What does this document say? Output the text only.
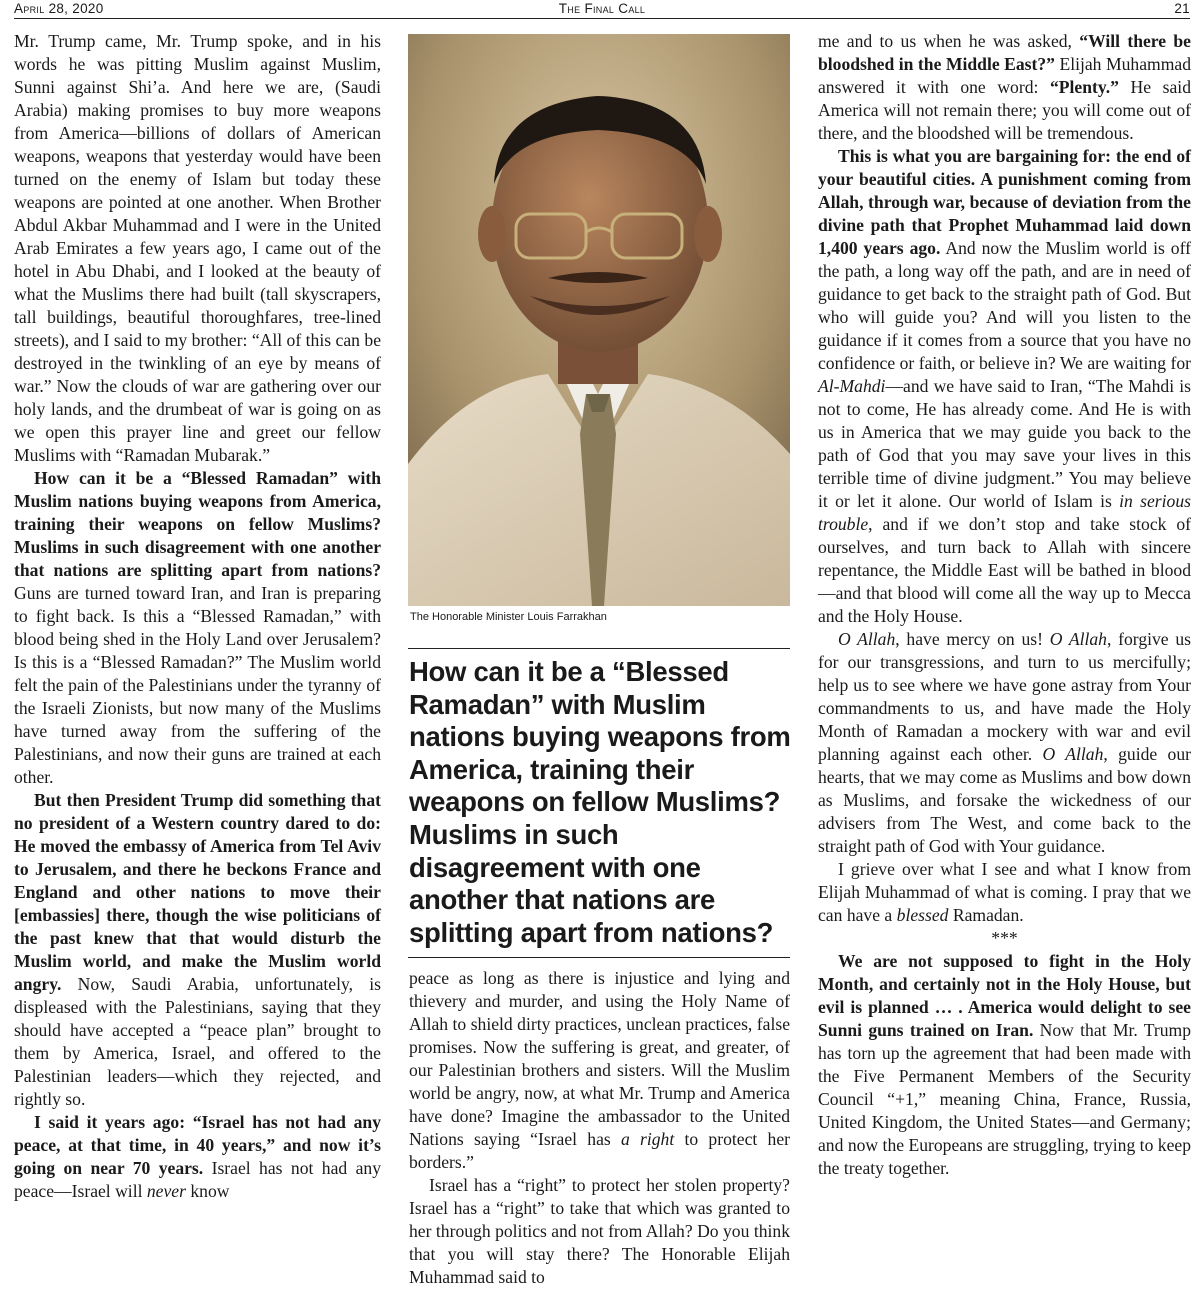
April 28, 2020	The Final Call	21

Mr. Trump came, Mr. Trump spoke, and in his words he was pitting Muslim against Muslim, Sunni against Shi’a. And here we are, (Saudi Arabia) making promises to buy more weapons from America—billions of dollars of American weapons, weapons that yesterday would have been turned on the enemy of Islam but today these weapons are pointed at one another. When Brother Abdul Akbar Muhammad and I were in the United Arab Emirates a few years ago, I came out of the hotel in Abu Dhabi, and I looked at the beauty of what the Muslims there had built (tall skyscrapers, tall buildings, beautiful thoroughfares, tree-lined streets), and I said to my brother: “All of this can be destroyed in the twinkling of an eye by means of war.” Now the clouds of war are gathering over our holy lands, and the drumbeat of war is going on as we open this prayer line and greet our fellow Muslims with “Ramadan Mubarak.”

How can it be a “Blessed Ramadan” with Muslim nations buying weapons from America, training their weapons on fellow Muslims? Muslims in such disagreement with one another that nations are splitting apart from nations? Guns are turned toward Iran, and Iran is preparing to fight back. Is this a “Blessed Ramadan,” with blood being shed in the Holy Land over Jerusalem? Is this is a “Blessed Ramadan?” The Muslim world felt the pain of the Palestinians under the tyranny of the Israeli Zionists, but now many of the Muslims have turned away from the suffering of the Palestinians, and now their guns are trained at each other.

But then President Trump did something that no president of a Western country dared to do: He moved the embassy of America from Tel Aviv to Jerusalem, and there he beckons France and England and other nations to move their [embassies] there, though the wise politicians of the past knew that that would disturb the Muslim world, and make the Muslim world angry. Now, Saudi Arabia, unfortunately, is displeased with the Palestinians, saying that they should have accepted a “peace plan” brought to them by America, Israel, and offered to the Palestinian leaders—which they rejected, and rightly so.

I said it years ago: “Israel has not had any peace, at that time, in 40 years,” and now it’s going on near 70 years. Israel has not had any peace—Israel will never know

The Honorable Minister Louis Farrakhan
How can it be a “Blessed Ramadan” with Muslim nations buying weapons from America, training their weapons on fellow Muslims? Muslims in such disagreement with one another that nations are splitting apart from nations?

peace as long as there is injustice and lying and thievery and murder, and using the Holy Name of Allah to shield dirty practices, unclean practices, false promises. Now the suffering is great, and greater, of our Palestinian brothers and sisters. Will the Muslim world be angry, now, at what Mr. Trump and America have done? Imagine the ambassador to the United Nations saying “Israel has a right to protect her borders.”

Israel has a “right” to protect her stolen property? Israel has a “right” to take that which was granted to her through politics and not from Allah? Do you think that you will stay there? The Honorable Elijah Muhammad said to

me and to us when he was asked, “Will there be bloodshed in the Middle East?” Elijah Muhammad answered it with one word: “Plenty.” He said America will not remain there; you will come out of there, and the bloodshed will be tremendous.

This is what you are bargaining for: the end of your beautiful cities. A punishment coming from Allah, through war, because of deviation from the divine path that Prophet Muhammad laid down 1,400 years ago. And now the Muslim world is off the path, a long way off the path, and are in need of guidance to get back to the straight path of God. But who will guide you? And will you listen to the guidance if it comes from a source that you have no confidence or faith, or believe in? We are waiting for Al-Mahdi—and we have said to Iran, “The Mahdi is not to come, He has already come. And He is with us in America that we may guide you back to the path of God that you may save your lives in this terrible time of divine judgment.” You may believe it or let it alone. Our world of Islam is in serious trouble, and if we don’t stop and take stock of ourselves, and turn back to Allah with sincere repentance, the Middle East will be bathed in blood—and that blood will come all the way up to Mecca and the Holy House.

O Allah, have mercy on us! O Allah, forgive us for our transgressions, and turn to us mercifully; help us to see where we have gone astray from Your commandments to us, and have made the Holy Month of Ramadan a mockery with war and evil planning against each other. O Allah, guide our hearts, that we may come as Muslims and bow down as Muslims, and forsake the wickedness of our advisers from The West, and come back to the straight path of God with Your guidance.

I grieve over what I see and what I know from Elijah Muhammad of what is coming. I pray that we can have a blessed Ramadan.

***

We are not supposed to fight in the Holy Month, and certainly not in the Holy House, but evil is planned … . America would delight to see Sunni guns trained on Iran. Now that Mr. Trump has torn up the agreement that had been made with the Five Permanent Members of the Security Council “+1,” meaning China, France, Russia, United Kingdom, the United States—and Germany; and now the Europeans are struggling, trying to keep the treaty together.
